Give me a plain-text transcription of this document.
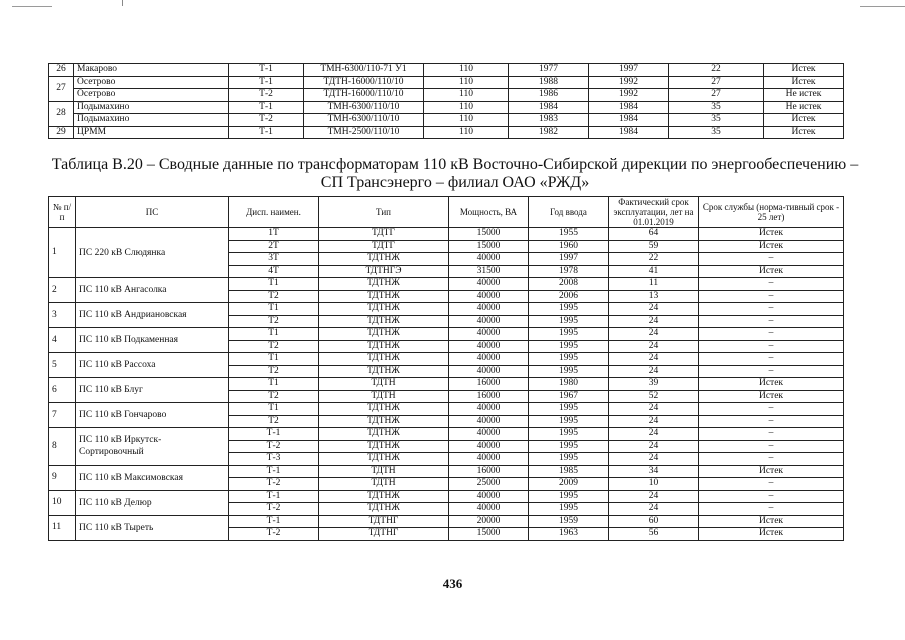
26	Макарово	Т-1	ТМН-6300/110-71 У1	110	1977	1997	22	Истек
27	Осетрово	Т-1	ТДТН-16000/110/10	110	1988	1992	27	Истек
	Осетрово	Т-2	ТДТН-16000/110/10	110	1986	1992	27	Не истек
28	Подымахино	Т-1	ТМН-6300/110/10	110	1984	1984	35	Не истек
	Подымахино	Т-2	ТМН-6300/110/10	110	1983	1984	35	Истек
29	ЦРММ	Т-1	ТМН-2500/110/10	110	1982	1984	35	Истек
Таблица В.20 – Сводные данные по трансформаторам 110 кВ Восточно-Сибирской дирекции по энергообеспечению –
СП Трансэнерго – филиал ОАО «РЖД»
№ п/п	ПС	Дисп. наимен.	Тип	Мощность, ВА	Год ввода	Фактический срок эксплуатации, лет на 01.01.2019	Срок службы (норма-тивный срок - 25 лет)
1	ПС 220 кВ Слюдянка	1Т	ТДТГ	15000	1955	64	Истек
		2Т	ТДТГ	15000	1960	59	Истек
		3Т	ТДТНЖ	40000	1997	22	–
		4Т	ТДТНГЭ	31500	1978	41	Истек
2	ПС 110 кВ Ангасолка	Т1	ТДТНЖ	40000	2008	11	–
		Т2	ТДТНЖ	40000	2006	13	–
3	ПС 110 кВ Андриановская	Т1	ТДТНЖ	40000	1995	24	–
		Т2	ТДТНЖ	40000	1995	24	–
4	ПС 110 кВ Подкаменная	Т1	ТДТНЖ	40000	1995	24	–
		Т2	ТДТНЖ	40000	1995	24	–
5	ПС 110 кВ Рассоха	Т1	ТДТНЖ	40000	1995	24	–
		Т2	ТДТНЖ	40000	1995	24	–
6	ПС 110 кВ Блуг	Т1	ТДТН	16000	1980	39	Истек
		Т2	ТДТН	16000	1967	52	Истек
7	ПС 110 кВ Гончарово	Т1	ТДТНЖ	40000	1995	24	–
		Т2	ТДТНЖ	40000	1995	24	–
8	ПС 110 кВ Иркутск-Сортировочный	Т-1	ТДТНЖ	40000	1995	24	–
		Т-2	ТДТНЖ	40000	1995	24	–
		Т-3	ТДТНЖ	40000	1995	24	–
9	ПС 110 кВ Максимовская	Т-1	ТДТН	16000	1985	34	Истек
		Т-2	ТДТН	25000	2009	10	–
10	ПС 110 кВ Делюр	Т-1	ТДТНЖ	40000	1995	24	–
		Т-2	ТДТНЖ	40000	1995	24	–
11	ПС 110 кВ Тыреть	Т-1	ТДТНГ	20000	1959	60	Истек
		Т-2	ТДТНГ	15000	1963	56	Истек
436
